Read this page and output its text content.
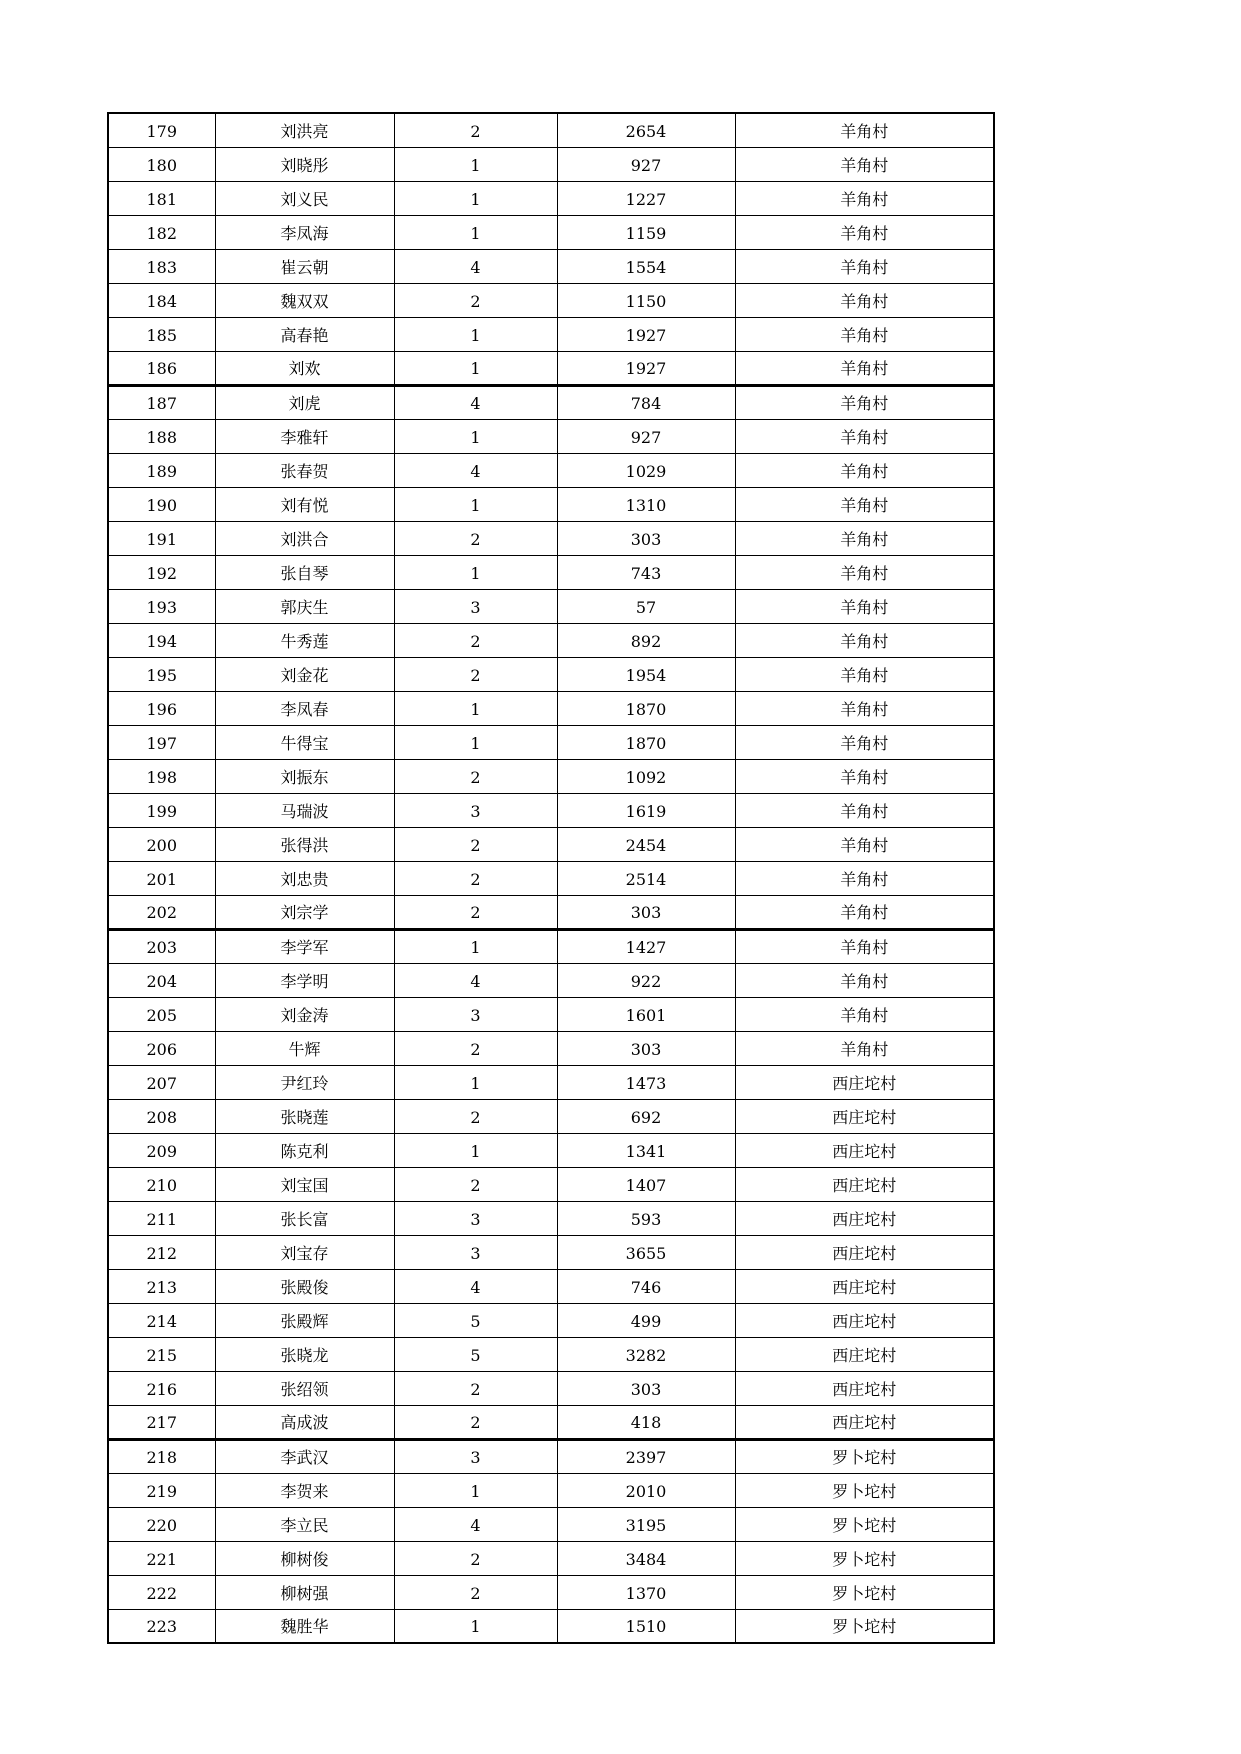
179	刘洪亮	2	2654	羊角村
180	刘晓彤	1	927	羊角村
181	刘义民	1	1227	羊角村
182	李凤海	1	1159	羊角村
183	崔云朝	4	1554	羊角村
184	魏双双	2	1150	羊角村
185	高春艳	1	1927	羊角村
186	刘欢	1	1927	羊角村
187	刘虎	4	784	羊角村
188	李雅轩	1	927	羊角村
189	张春贺	4	1029	羊角村
190	刘有悦	1	1310	羊角村
191	刘洪合	2	303	羊角村
192	张自琴	1	743	羊角村
193	郭庆生	3	57	羊角村
194	牛秀莲	2	892	羊角村
195	刘金花	2	1954	羊角村
196	李凤春	1	1870	羊角村
197	牛得宝	1	1870	羊角村
198	刘振东	2	1092	羊角村
199	马瑞波	3	1619	羊角村
200	张得洪	2	2454	羊角村
201	刘忠贵	2	2514	羊角村
202	刘宗学	2	303	羊角村
203	李学军	1	1427	羊角村
204	李学明	4	922	羊角村
205	刘金涛	3	1601	羊角村
206	牛辉	2	303	羊角村
207	尹红玲	1	1473	西庄坨村
208	张晓莲	2	692	西庄坨村
209	陈克利	1	1341	西庄坨村
210	刘宝国	2	1407	西庄坨村
211	张长富	3	593	西庄坨村
212	刘宝存	3	3655	西庄坨村
213	张殿俊	4	746	西庄坨村
214	张殿辉	5	499	西庄坨村
215	张晓龙	5	3282	西庄坨村
216	张绍领	2	303	西庄坨村
217	高成波	2	418	西庄坨村
218	李武汉	3	2397	罗卜坨村
219	李贺来	1	2010	罗卜坨村
220	李立民	4	3195	罗卜坨村
221	柳树俊	2	3484	罗卜坨村
222	柳树强	2	1370	罗卜坨村
223	魏胜华	1	1510	罗卜坨村
